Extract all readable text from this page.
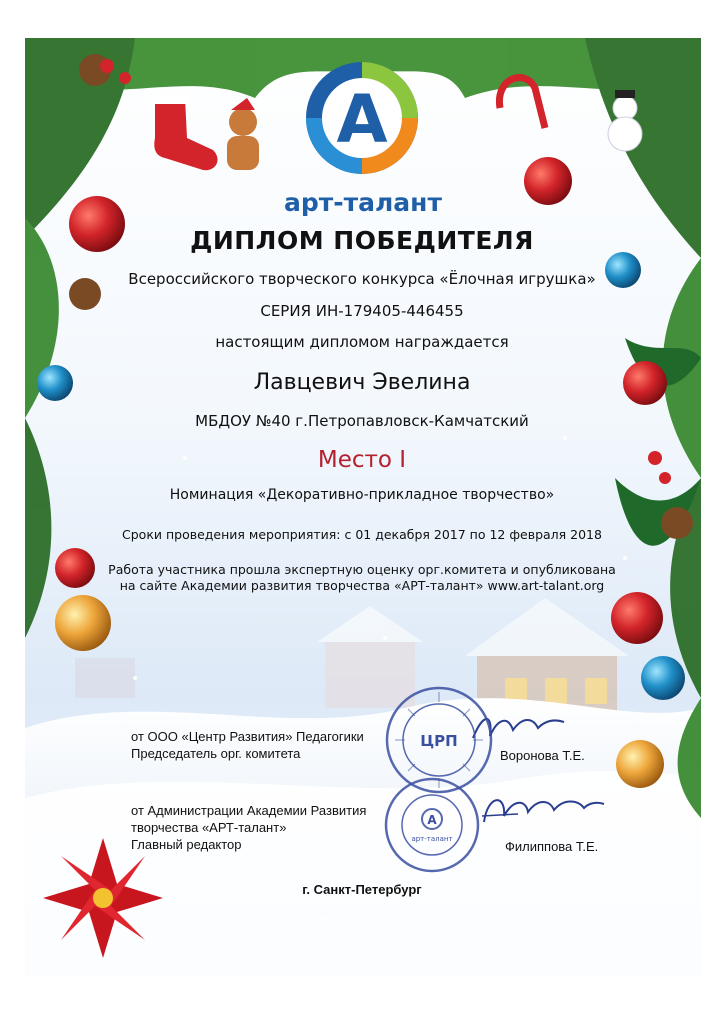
A
арт-талант
ДИПЛОМ ПОБЕДИТЕЛЯ
Всероссийского творческого конкурса «Ёлочная игрушка»
СЕРИЯ ИН-179405-446455
настоящим дипломом награждается
Лавцевич Эвелина
МБДОУ №40 г.Петропавловск-Камчатский
Место I
Номинация «Декоративно-прикладное творчество»
Сроки проведения мероприятия: с 01 декабря 2017 по 12 февраля 2018
Работа участника прошла экспертную оценку орг.комитета и опубликована
на сайте Академии развития творчества «АРТ-талант» www.art-talant.org
от ООО «Центр Развития» Педагогики
Председатель орг. комитета	Воронова Т.Е.
от Администрации Академии Развития
творчества «АРТ-талант»
Главный редактор	Филиппова Т.Е.
ЦРП
A
арт-талант
г. Санкт-Петербург
